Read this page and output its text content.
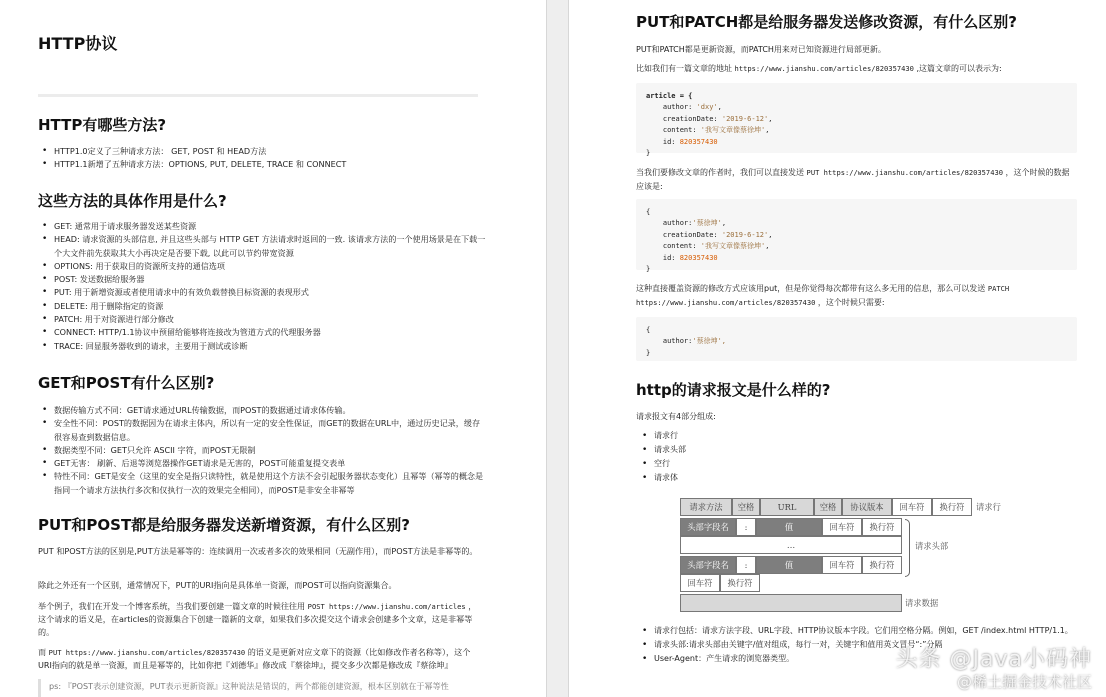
HTTP协议
HTTP有哪些方法?
• HTTP1.0定义了三种请求方法： GET, POST 和 HEAD方法
• HTTP1.1新增了五种请求方法：OPTIONS, PUT, DELETE, TRACE 和 CONNECT
这些方法的具体作用是什么?
• GET: 通常用于请求服务器发送某些资源
• HEAD: 请求资源的头部信息, 并且这些头部与 HTTP GET 方法请求时返回的一致. 该请求方法的一个使用场景是在下载一个大文件前先获取其大小再决定是否要下载, 以此可以节约带宽资源
• OPTIONS: 用于获取目的资源所支持的通信选项
• POST: 发送数据给服务器
• PUT: 用于新增资源或者使用请求中的有效负载替换目标资源的表现形式
• DELETE: 用于删除指定的资源
• PATCH: 用于对资源进行部分修改
• CONNECT: HTTP/1.1协议中预留给能够将连接改为管道方式的代理服务器
• TRACE: 回显服务器收到的请求，主要用于测试或诊断
GET和POST有什么区别?
• 数据传输方式不同：GET请求通过URL传输数据，而POST的数据通过请求体传输。
• 安全性不同：POST的数据因为在请求主体内，所以有一定的安全性保证，而GET的数据在URL中，通过历史记录，缓存很容易查到数据信息。
• 数据类型不同：GET只允许 ASCII 字符，而POST无限制
• GET无害： 刷新、后退等浏览器操作GET请求是无害的，POST可能重复提交表单
• 特性不同：GET是安全（这里的安全是指只读特性，就是使用这个方法不会引起服务器状态变化）且幂等（幂等的概念是指同一个请求方法执行多次和仅执行一次的效果完全相同），而POST是非安全非幂等
PUT和POST都是给服务器发送新增资源，有什么区别?
PUT 和POST方法的区别是,PUT方法是幂等的：连续调用一次或者多次的效果相同（无副作用），而POST方法是非幂等的。
除此之外还有一个区别，通常情况下，PUT的URI指向是具体单一资源，而POST可以指向资源集合。
举个例子，我们在开发一个博客系统，当我们要创建一篇文章的时候往往用 POST https://www.jianshu.com/articles ，这个请求的语义是，在articles的资源集合下创建一篇新的文章，如果我们多次提交这个请求会创建多个文章，这是非幂等的。
而 PUT https://www.jianshu.com/articles/820357430 的语义是更新对应文章下的资源（比如修改作者名称等），这个URI指向的就是单一资源，而且是幂等的，比如你把『刘德华』修改成『蔡徐坤』，提交多少次都是修改成『蔡徐坤』
ps: 『POST表示创建资源，PUT表示更新资源』这种说法是错误的，两个都能创建资源，根本区别就在于幂等性
PUT和PATCH都是给服务器发送修改资源，有什么区别?
PUT和PATCH都是更新资源，而PATCH用来对已知资源进行局部更新。
比如我们有一篇文章的地址 https://www.jianshu.com/articles/820357430 ,这篇文章的可以表示为:
article = {
author: 'dxy',
creationDate: '2019-6-12',
content: '我写文章像蔡徐坤',
id: 820357430
}
当我们要修改文章的作者时，我们可以直接发送 PUT https://www.jianshu.com/articles/820357430 ，这个时候的数据应该是:
{
author:'蔡徐坤',
creationDate: '2019-6-12',
content: '我写文章像蔡徐坤',
id: 820357430
}
这种直接覆盖资源的修改方式应该用put，但是你觉得每次都带有这么多无用的信息，那么可以发送 PATCH
https://www.jianshu.com/articles/820357430 ，这个时候只需要:
{
author:'蔡徐坤',
}
http的请求报文是什么样的?
请求报文有4部分组成:
• 请求行
• 请求头部
• 空行
• 请求体
请求方法	空格	URL	空格	协议版本	回车符	换行符	请求行
头部字段名	:	值	回车符	换行符
…
头部字段名	:	值	回车符	换行符
请求头部
回车符	换行符
请求数据
• 请求行包括：请求方法字段、URL字段、HTTP协议版本字段。它们用空格分隔。例如，GET /index.html HTTP/1.1。
• 请求头部:请求头部由关键字/值对组成，每行一对，关键字和值用英文冒号“:”分隔
• User-Agent：产生请求的浏览器类型。	头条 @Java小码神
@稀土掘金技术社区
